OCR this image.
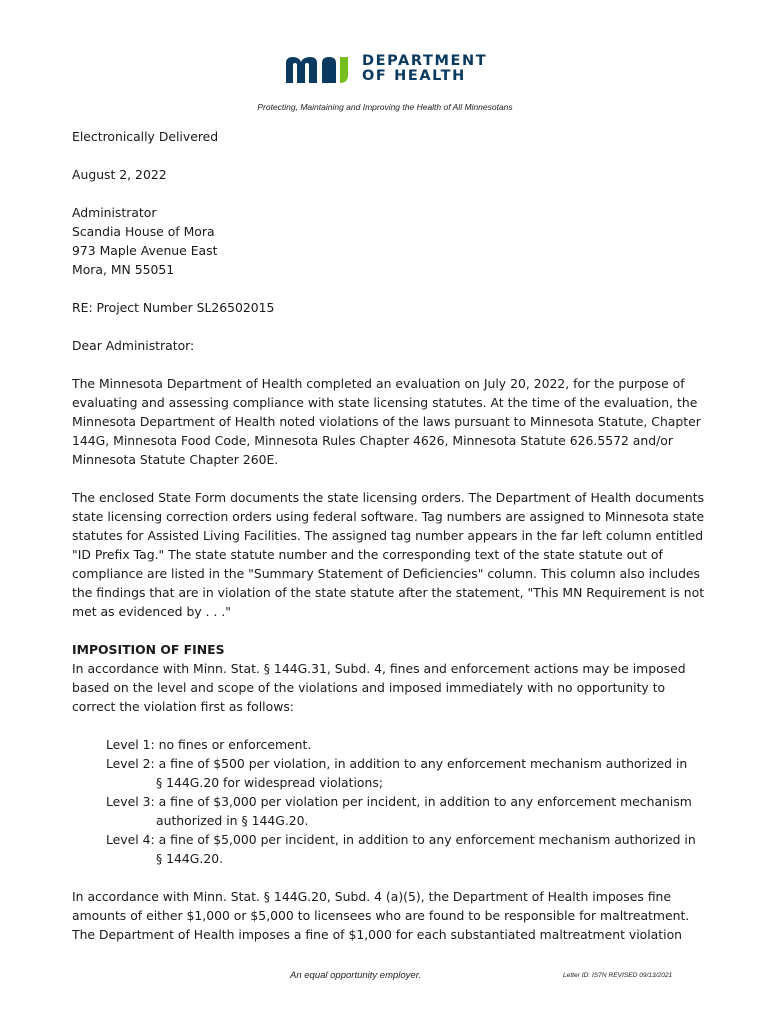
DEPARTMENT
OF HEALTH
Protecting, Maintaining and Improving the Health of All Minnesotans
Electronically Delivered
August 2, 2022
Administrator
Scandia House of Mora
973 Maple Avenue East
Mora, MN 55051
RE: Project Number SL26502015
Dear Administrator:
The Minnesota Department of Health completed an evaluation on July 20, 2022, for the purpose of
evaluating and assessing compliance with state licensing statutes. At the time of the evaluation, the
Minnesota Department of Health noted violations of the laws pursuant to Minnesota Statute, Chapter
144G, Minnesota Food Code, Minnesota Rules Chapter 4626, Minnesota Statute 626.5572 and/or
Minnesota Statute Chapter 260E.
The enclosed State Form documents the state licensing orders. The Department of Health documents
state licensing correction orders using federal software. Tag numbers are assigned to Minnesota state
statutes for Assisted Living Facilities. The assigned tag number appears in the far left column entitled
"ID Prefix Tag." The state statute number and the corresponding text of the state statute out of
compliance are listed in the "Summary Statement of Deficiencies" column. This column also includes
the findings that are in violation of the state statute after the statement, "This MN Requirement is not
met as evidenced by . . ."
IMPOSITION OF FINES
In accordance with Minn. Stat. § 144G.31, Subd. 4, fines and enforcement actions may be imposed
based on the level and scope of the violations and imposed immediately with no opportunity to
correct the violation first as follows:
Level 1: no fines or enforcement.
Level 2: a fine of $500 per violation, in addition to any enforcement mechanism authorized in
§ 144G.20 for widespread violations;
Level 3: a fine of $3,000 per violation per incident, in addition to any enforcement mechanism
authorized in § 144G.20.
Level 4: a fine of $5,000 per incident, in addition to any enforcement mechanism authorized in
§ 144G.20.
In accordance with Minn. Stat. § 144G.20, Subd. 4 (a)(5), the Department of Health imposes fine
amounts of either $1,000 or $5,000 to licensees who are found to be responsible for maltreatment.
The Department of Health imposes a fine of $1,000 for each substantiated maltreatment violation
An equal opportunity employer.	Letter ID: IS7N REVISED 09/13/2021
